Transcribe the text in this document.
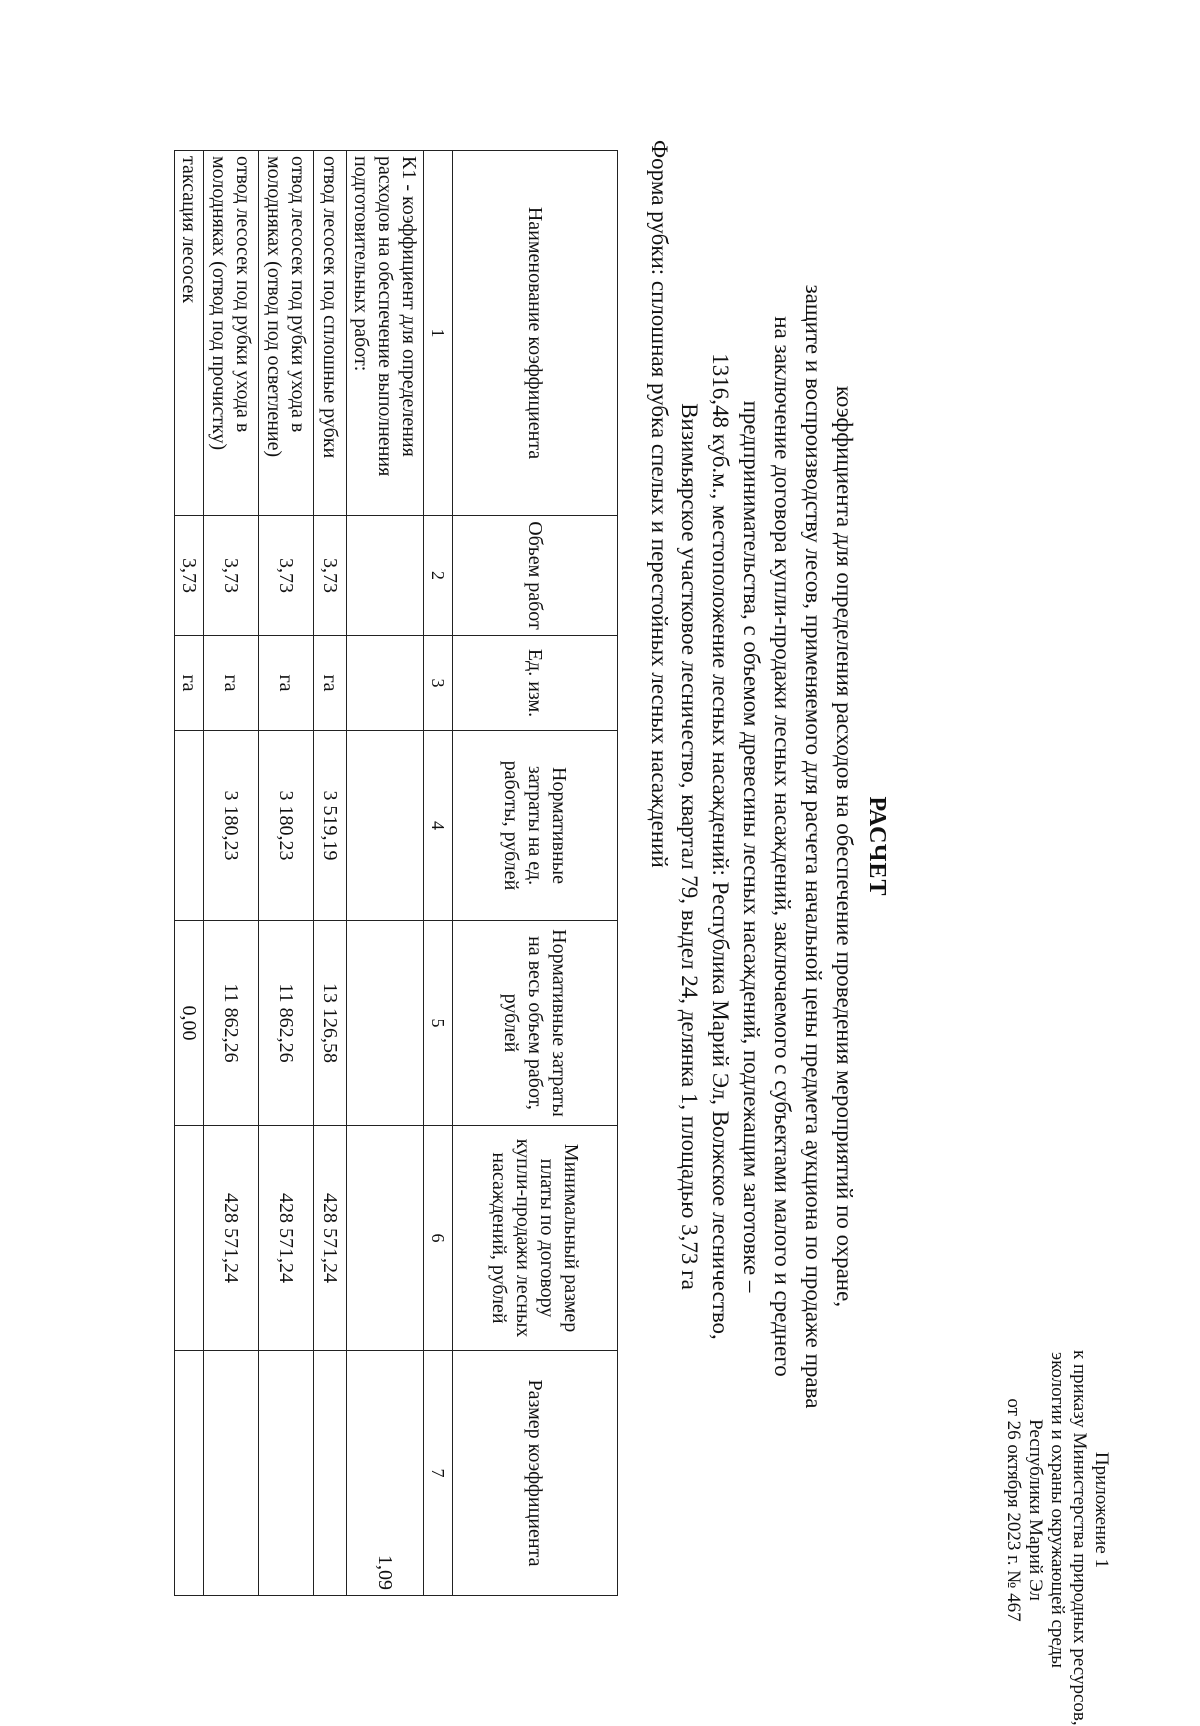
Приложение 1
к приказу Министерства природных ресурсов,
экологии и охраны окружающей среды
Республики Марий Эл
от 26 октября 2023 г. № 467
РАСЧЕТ
коэффициента для определения расходов на обеспечение проведения мероприятий по охране,
защите и воспроизводству лесов, применяемого для расчета начальной цены предмета аукциона по продаже права
на заключение договора купли-продажи лесных насаждений, заключаемого с субъектами малого и среднего
предпринимательства, с объемом древесины лесных насаждений, подлежащим заготовке –
1316,48 куб.м., местоположение лесных насаждений: Республика Марий Эл, Волжское лесничество,
Визимьярское участковое лесничество, квартал 79, выдел 24, делянка 1, площадью 3,73 га
Форма рубки: сплошная рубка спелых и перестойных лесных насаждений
Наименование коэффициента	Объем работ	Ед. изм.	Нормативные затраты на ед. работы, рублей	Нормативные затраты на весь объем работ, рублей	Минимальный размер платы по договору купли-продажи лесных насаждений, рублей	Размер коэффициента
1	2	3	4	5	6	7
К1 - коэффициент для определения расходов на обеспечение выполнения подготовительных работ:						1,09
отвод лесосек под сплошные рубки	3,73	га	3 519,19	13 126,58	428 571,24	
отвод лесосек под рубки ухода в молодняках (отвод под осветление)	3,73	га	3 180,23	11 862,26	428 571,24	
отвод лесосек под рубки ухода в молодняках (отвод под прочистку)	3,73	га	3 180,23	11 862,26	428 571,24	
таксация лесосек	3,73	га		0,00		
